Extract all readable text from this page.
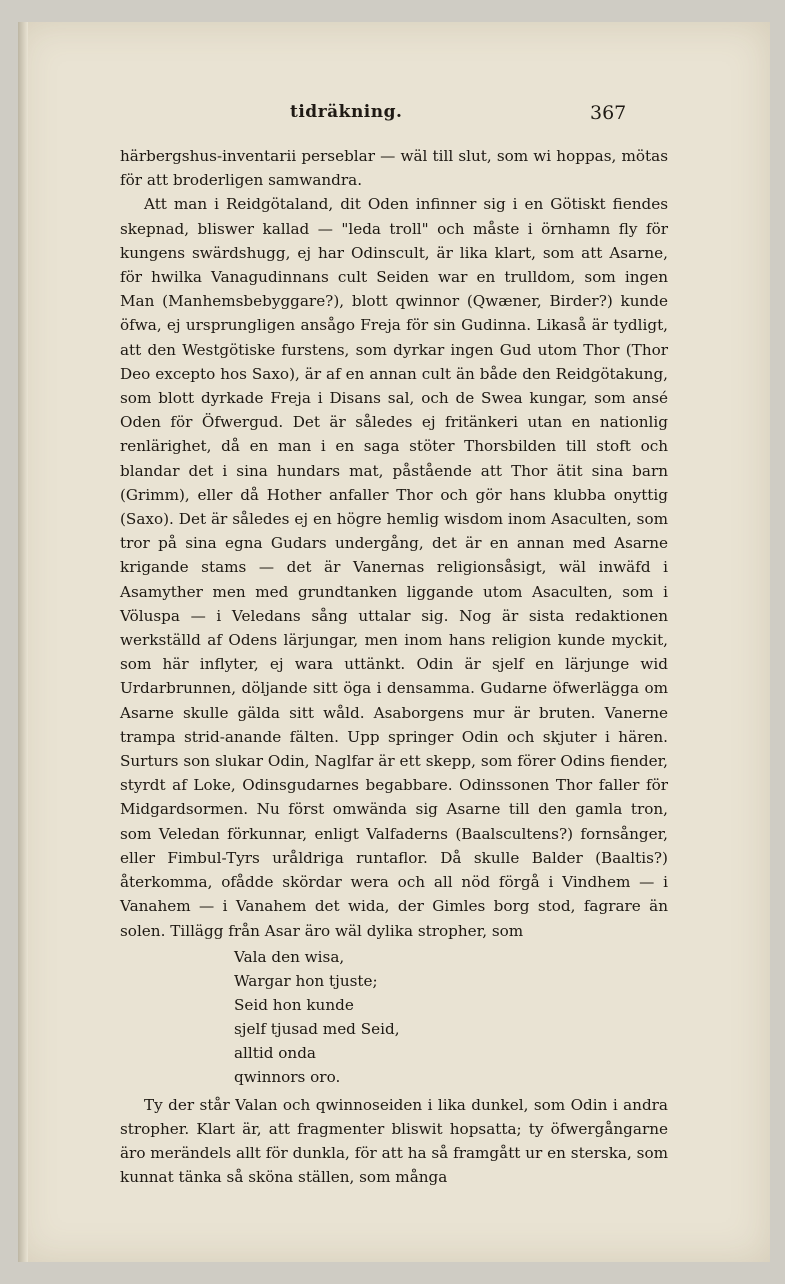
tidräkning.	367

härbergshus-inventarii perseblar — wäl till slut, som wi hoppas, mötas för att broderligen samwandra.

Att man i Reidgötaland, dit Oden infinner sig i en Götiskt fiendes skepnad, bliswer kallad — "leda troll" och måste i örnhamn fly för kungens swärdshugg, ej har Odinscult, är lika klart, som att Asarne, för hwilka Vanagudinnans cult Seiden war en trulldom, som ingen Man (Manhemsbebyggare?), blott qwinnor (Qwæner, Birder?) kunde öfwa, ej ursprungligen ansågo Freja för sin Gudinna. Likaså är tydligt, att den Westgötiske furstens, som dyrkar ingen Gud utom Thor (Thor Deo excepto hos Saxo), är af en annan cult än både den Reidgötakung, som blott dyrkade Freja i Disans sal, och de Swea kungar, som ansé Oden för Öfwergud. Det är således ej fritänkeri utan en nationlig renlärighet, då en man i en saga stöter Thorsbilden till stoft och blandar det i sina hundars mat, påstående att Thor ätit sina barn (Grimm), eller då Hother anfaller Thor och gör hans klubba onyttig (Saxo). Det är således ej en högre hemlig wisdom inom Asaculten, som tror på sina egna Gudars undergång, det är en annan med Asarne krigande stams — det är Vanernas religionsåsigt, wäl inwäfd i Asamyther men med grundtanken liggande utom Asaculten, som i Völuspa — i Veledans sång uttalar sig. Nog är sista redaktionen werkställd af Odens lärjungar, men inom hans religion kunde myckit, som här inflyter, ej wara uttänkt. Odin är sjelf en lärjunge wid Urdarbrunnen, döljande sitt öga i densamma. Gudarne öfwerlägga om Asarne skulle gälda sitt wåld. Asaborgens mur är bruten. Vanerne trampa strid-anande fälten. Upp springer Odin och skjuter i hären. Surturs son slukar Odin, Naglfar är ett skepp, som förer Odins fiender, styrdt af Loke, Odinsgudarnes begabbare. Odinssonen Thor faller för Midgardsormen. Nu först omwända sig Asarne till den gamla tron, som Veledan förkunnar, enligt Valfaderns (Baalscultens?) fornsånger, eller Fimbul-Tyrs uråldriga runtaflor. Då skulle Balder (Baaltis?) återkomma, ofådde skördar wera och all nöd förgå i Vindhem — i Vanahem — i Vanahem det wida, der Gimles borg stod, fagrare än solen. Tillägg från Asar äro wäl dylika stropher, som

Vala den wisa,
Wargar hon tjuste;
Seid hon kunde
sjelf tjusad med Seid,
alltid onda
qwinnors oro.

Ty der står Valan och qwinnoseiden i lika dunkel, som Odin i andra stropher. Klart är, att fragmenter bliswit hopsatta; ty öfwergångarne äro merändels allt för dunkla, för att ha så framgått ur en sterska, som kunnat tänka så sköna ställen, som många
